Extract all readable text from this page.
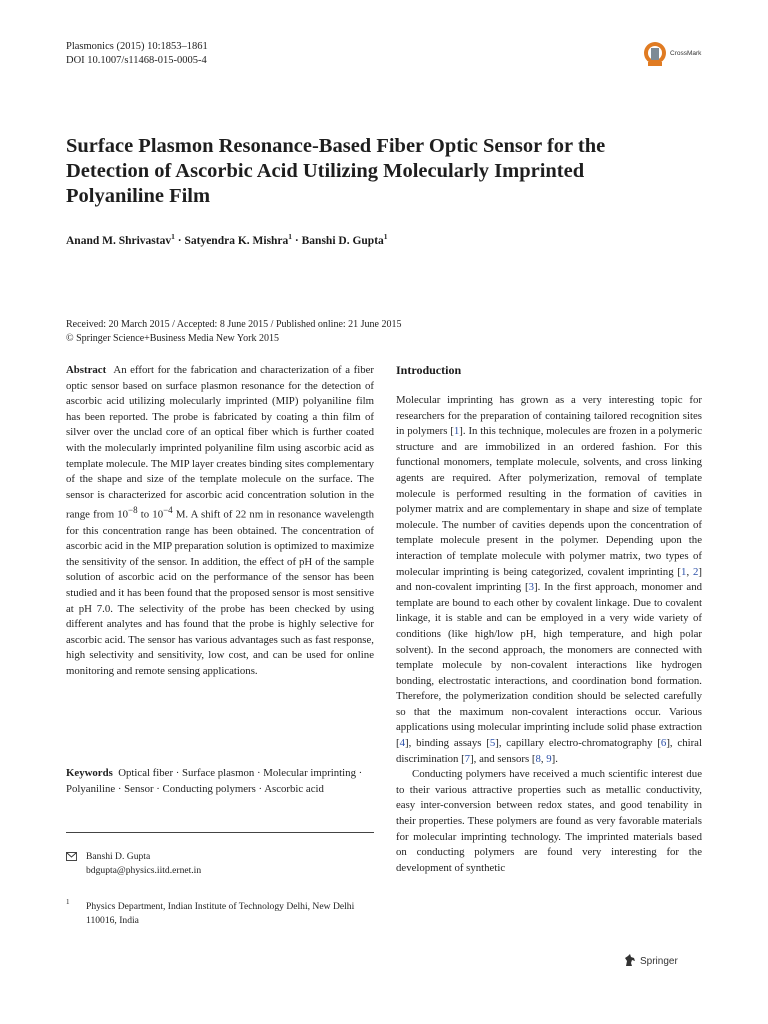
Plasmonics (2015) 10:1853–1861
DOI 10.1007/s11468-015-0005-4
CrossMark
Surface Plasmon Resonance-Based Fiber Optic Sensor for the Detection of Ascorbic Acid Utilizing Molecularly Imprinted Polyaniline Film
Anand M. Shrivastav$^1$ · Satyendra K. Mishra$^1$ · Banshi D. Gupta$^1$
Received: 20 March 2015 / Accepted: 8 June 2015 / Published online: 21 June 2015
© Springer Science+Business Media New York 2015

Abstract An effort for the fabrication and characterization of a fiber optic sensor based on surface plasmon resonance for the detection of ascorbic acid utilizing molecularly imprinted (MIP) polyaniline film has been reported. The probe is fabricated by coating a thin film of silver over the unclad core of an optical fiber which is further coated with the molecularly imprinted polyaniline film using ascorbic acid as template molecule. The MIP layer creates binding sites complementary of the shape and size of the template molecule on the surface. The sensor is characterized for ascorbic acid concentration solution in the range from $10^{-8}$ to $10^{-4}$ M. A shift of 22 nm in resonance wavelength for this concentration range has been obtained. The concentration of ascorbic acid in the MIP preparation solution is optimized to maximize the sensitivity of the sensor. In addition, the effect of pH of the sample solution of ascorbic acid on the performance of the sensor has been studied and it has been found that the proposed sensor is most sensitive at pH 7.0. The selectivity of the probe has been checked by using different analytes and has found that the probe is highly selective for ascorbic acid. The sensor has various advantages such as fast response, high selectivity and sensitivity, low cost, and can be used for online monitoring and remote sensing applications.

Keywords Optical fiber · Surface plasmon · Molecular imprinting · Polyaniline · Sensor · Conducting polymers · Ascorbic acid

Banshi D. Gupta
bdgupta@physics.iitd.ernet.in
1 Physics Department, Indian Institute of Technology Delhi, New Delhi 110016, India
Introduction

Molecular imprinting has grown as a very interesting topic for researchers for the preparation of containing tailored recognition sites in polymers [1]. In this technique, molecules are frozen in a polymeric structure and are immobilized in an ordered fashion. For this functional monomers, template molecule, solvents, and cross linking agents are required. After polymerization, removal of template molecule is performed resulting in the formation of cavities in polymer matrix and are complementary in shape and size of template molecule. The number of cavities depends upon the concentration of template molecule present in the polymer. Depending upon the interaction of template molecule with polymer matrix, two types of molecular imprinting is being categorized, covalent imprinting [1, 2] and non-covalent imprinting [3]. In the first approach, monomer and template are bound to each other by covalent linkage. Due to covalent linkage, it is stable and can be employed in a very wide variety of conditions (like high/low pH, high temperature, and high polar solvent). In the second approach, the monomers are connected with template molecule by non-covalent interactions like hydrogen bonding, electrostatic interactions, and coordination bond formation. Therefore, the polymerization condition should be selected carefully so that the maximum non-covalent interactions occur. Various applications using molecular imprinting include solid phase extraction [4], binding assays [5], capillary electro-chromatography [6], chiral discrimination [7], and sensors [8, 9].

Conducting polymers have received a much scientific interest due to their various attractive properties such as metallic conductivity, easy inter-conversion between redox states, and good tenability in their properties. These polymers are found as very favorable materials for molecular imprinting technology. The imprinted materials based on conducting polymers are found very interesting for the development of synthetic

Springer
